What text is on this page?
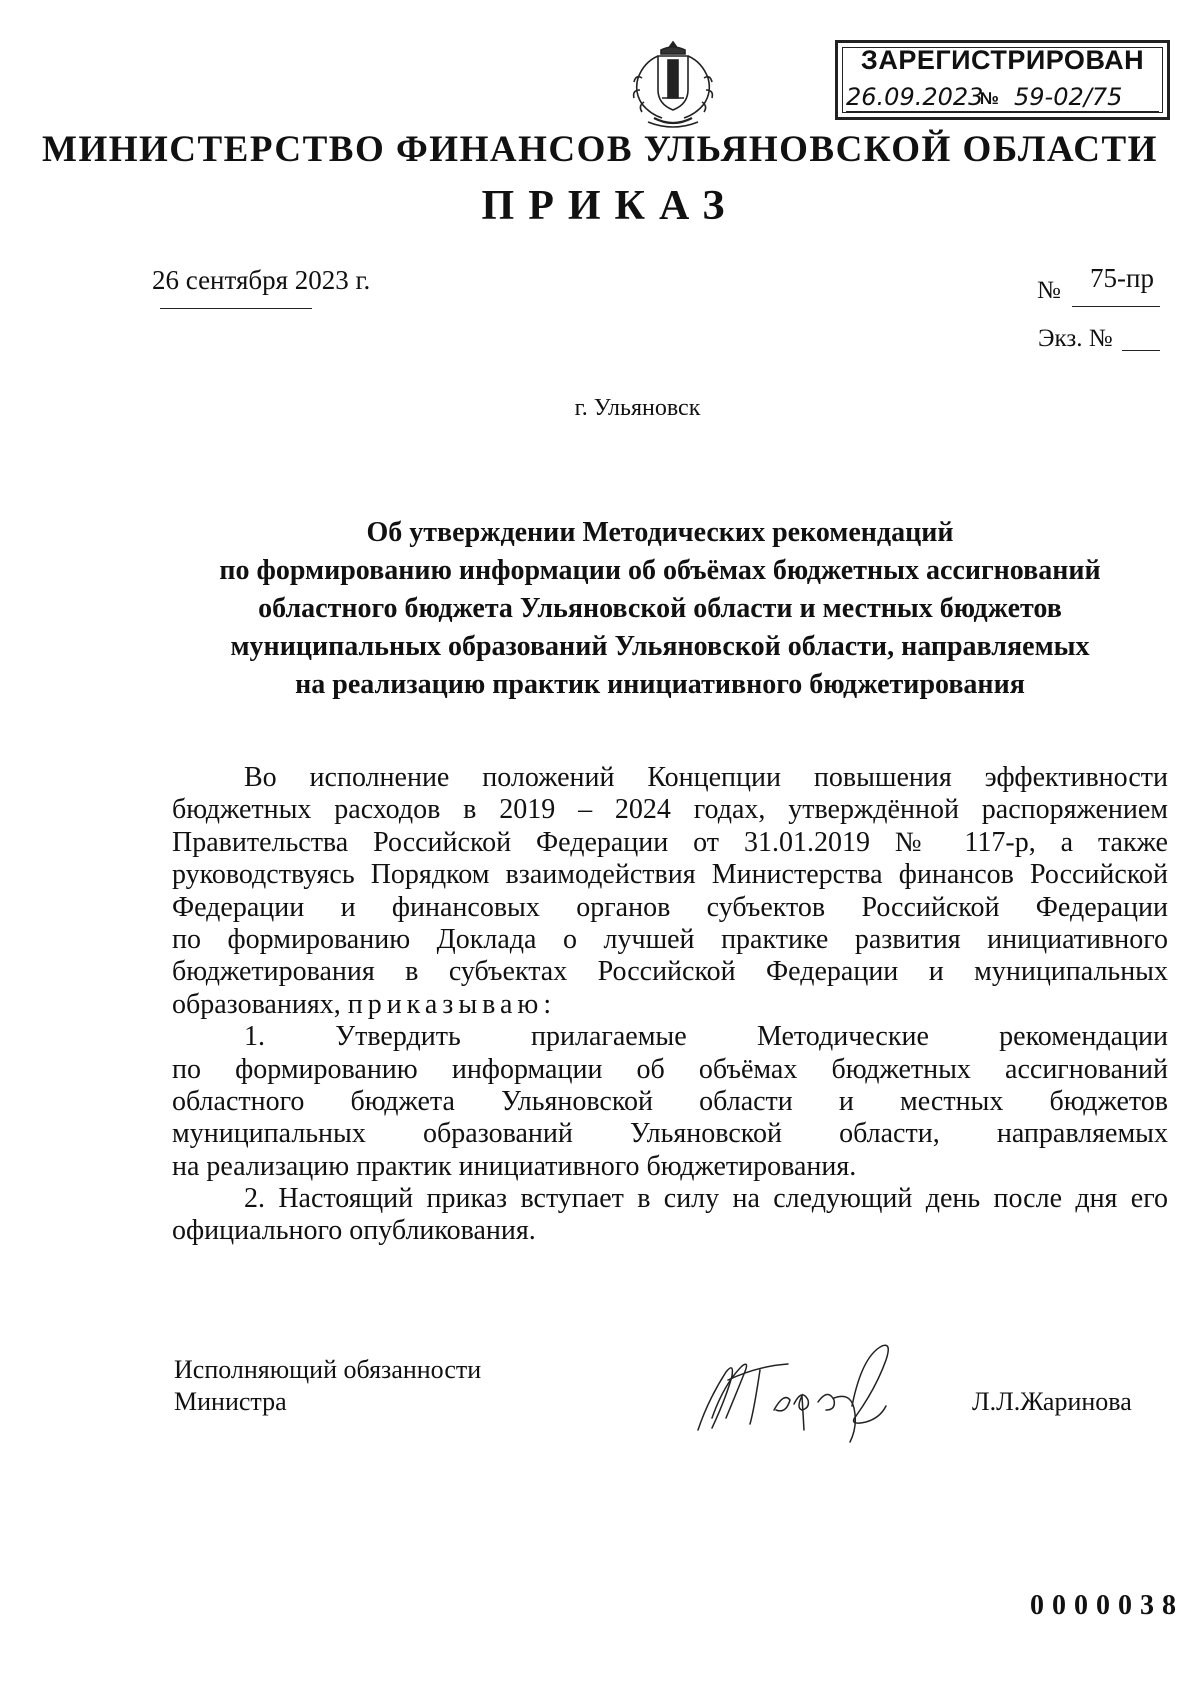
ЗАРЕГИСТРИРОВАН
26.09.2023
№ 59-02/75
МИНИСТЕРСТВО ФИНАНСОВ УЛЬЯНОВСКОЙ ОБЛАСТИ
ПРИКАЗ
26 сентября 2023 г.	№ 75-пр
Экз. №
г. Ульяновск
Об утверждении Методических рекомендаций
по формированию информации об объёмах бюджетных ассигнований
областного бюджета Ульяновской области и местных бюджетов
муниципальных образований Ульяновской области, направляемых
на реализацию практик инициативного бюджетирования
Во исполнение положений Концепции повышения эффективности
бюджетных расходов в 2019 – 2024 годах, утверждённой распоряжением
Правительства Российской Федерации от 31.01.2019 № 117-р, а также
руководствуясь Порядком взаимодействия Министерства финансов Российской
Федерации и финансовых органов субъектов Российской Федерации
по формированию Доклада о лучшей практике развития инициативного
бюджетирования в субъектах Российской Федерации и муниципальных
образованиях, приказываю:
1. Утвердить прилагаемые Методические рекомендации
по формированию информации об объёмах бюджетных ассигнований
областного бюджета Ульяновской области и местных бюджетов
муниципальных образований Ульяновской области, направляемых
на реализацию практик инициативного бюджетирования.
2. Настоящий приказ вступает в силу на следующий день после дня его
официального опубликования.
Исполняющий обязанности
Министра	Л.Л.Жаринова
0000038
